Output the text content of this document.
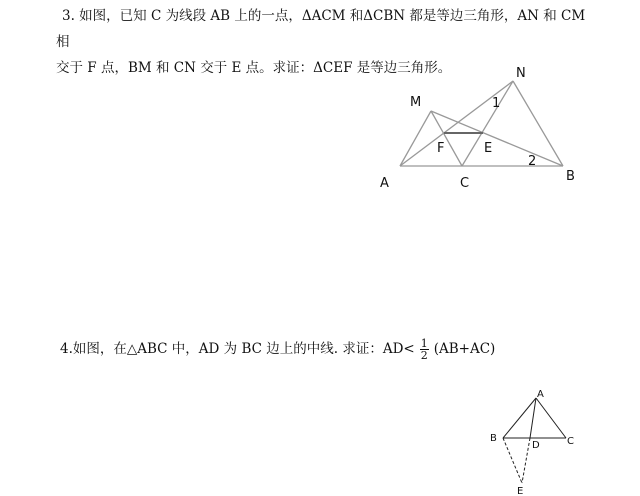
3. 如图，已知 C 为线段 AB 上的一点，ΔACM 和ΔCBN 都是等边三角形，AN 和 CM 相
交于 F 点，BM 和 CN 交于 E 点。求证：ΔCEF 是等边三角形。
M
N
A	C	B
F	E
1
2
4.如图，在△ABC 中，AD 为 BC 边上的中线. 求证：$AD< \frac{1}{2} (AB+AC)$
A
B	C
D
E
